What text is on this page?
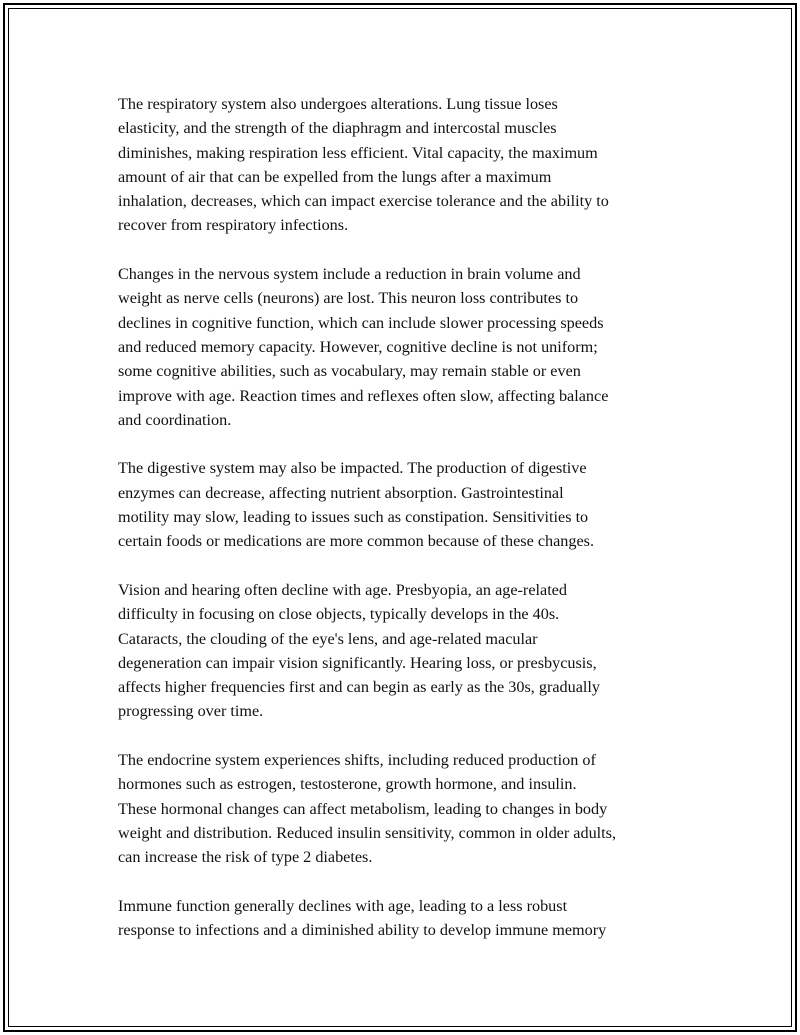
The respiratory system also undergoes alterations. Lung tissue loses
elasticity, and the strength of the diaphragm and intercostal muscles
diminishes, making respiration less efficient. Vital capacity, the maximum
amount of air that can be expelled from the lungs after a maximum
inhalation, decreases, which can impact exercise tolerance and the ability to
recover from respiratory infections.

Changes in the nervous system include a reduction in brain volume and
weight as nerve cells (neurons) are lost. This neuron loss contributes to
declines in cognitive function, which can include slower processing speeds
and reduced memory capacity. However, cognitive decline is not uniform;
some cognitive abilities, such as vocabulary, may remain stable or even
improve with age. Reaction times and reflexes often slow, affecting balance
and coordination.

The digestive system may also be impacted. The production of digestive
enzymes can decrease, affecting nutrient absorption. Gastrointestinal
motility may slow, leading to issues such as constipation. Sensitivities to
certain foods or medications are more common because of these changes.

Vision and hearing often decline with age. Presbyopia, an age-related
difficulty in focusing on close objects, typically develops in the 40s.
Cataracts, the clouding of the eye's lens, and age-related macular
degeneration can impair vision significantly. Hearing loss, or presbycusis,
affects higher frequencies first and can begin as early as the 30s, gradually
progressing over time.

The endocrine system experiences shifts, including reduced production of
hormones such as estrogen, testosterone, growth hormone, and insulin.
These hormonal changes can affect metabolism, leading to changes in body
weight and distribution. Reduced insulin sensitivity, common in older adults,
can increase the risk of type 2 diabetes.

Immune function generally declines with age, leading to a less robust
response to infections and a diminished ability to develop immune memory
